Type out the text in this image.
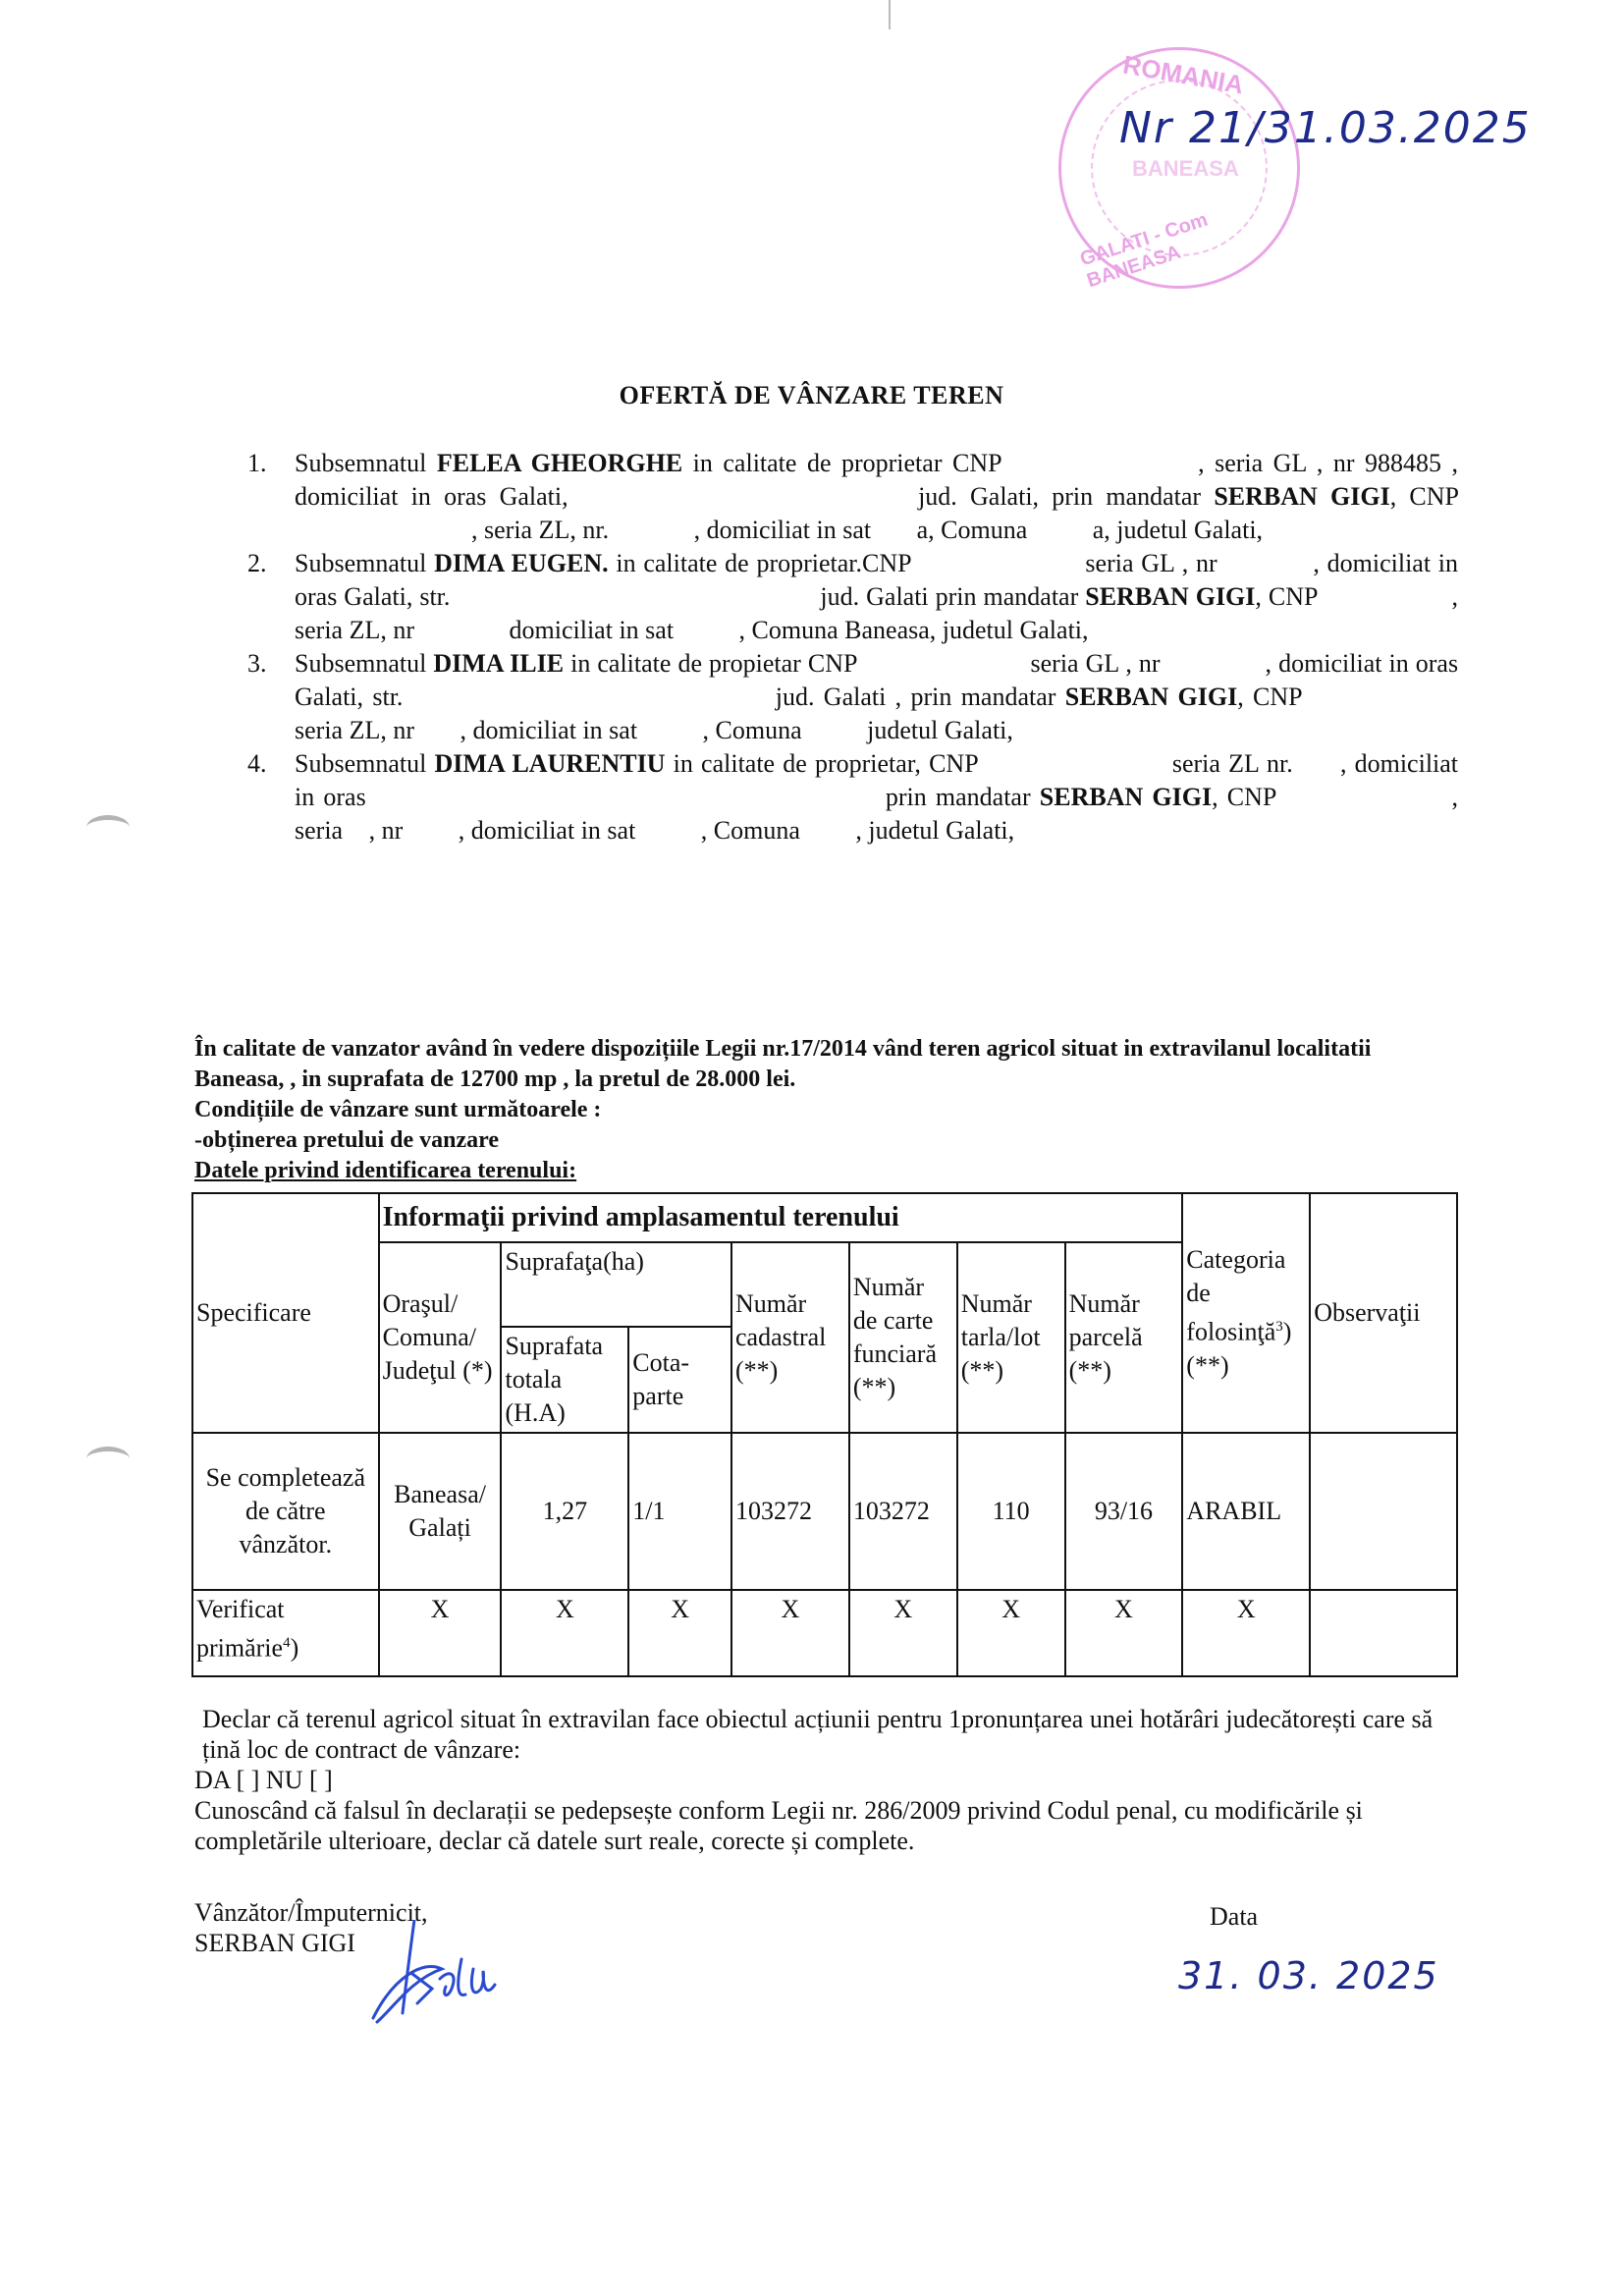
ROMANIA
BANEASA
GALATI - Com BANEASA
Nr 21/31.03.2025
OFERTĂ DE VÂNZARE TEREN
1. Subsemnatul FELEA GHEORGHE in calitate de proprietar CNP	, seria GL , nr 988485 , domiciliat in oras Galati,	jud. Galati, prin mandatar SERBAN GIGI, CNP , seria ZL, nr.	, domiciliat in sat a, Comuna	a, judetul Galati,
2. Subsemnatul DIMA EUGEN. in calitate de proprietar.CNP	seria GL , nr	, domiciliat in oras Galati, str.	jud. Galati prin mandatar SERBAN GIGI, CNP	, seria ZL, nr	domiciliat in sat	, Comuna Baneasa, judetul Galati,
3. Subsemnatul DIMA ILIE in calitate de propietar CNP	seria GL , nr	, domiciliat in oras Galati, str.	jud. Galati , prin mandatar SERBAN GIGI, CNP seria ZL, nr , domiciliat in sat	, Comuna	judetul Galati,
4. Subsemnatul DIMA LAURENTIU in calitate de proprietar, CNP	seria ZL nr. , domiciliat in oras	prin mandatar SERBAN GIGI, CNP	, seria , nr , domiciliat in sat	, Comuna , judetul Galati,
În calitate de vanzator având în vedere dispozițiile Legii nr.17/2014 vând teren agricol situat in extravilanul localitatii Baneasa, , in suprafata de 12700 mp , la pretul de 28.000 lei.
Condițiile de vânzare sunt următoarele :
-obținerea pretului de vanzare
Datele privind identificarea terenului:
Specificare	Informaţii privind amplasamentul terenului							Categoria de folosinţă$^3$) (**)	Observaţii
	Oraşul/ Comuna/ Judeţul (*)	Suprafaţa(ha)		Număr cadastral (**)	Număr de carte funciară (**)	Număr tarla/lot (**)	Număr parcelă (**)		
		Suprafata totala (H.A)	Cota- parte						
Se completează de către vânzător.	Baneasa/ Galați	1,27	1/1	103272	103272	110	93/16	ARABIL	
Verificat primărie$^4$)	X	X	X	X	X	X	X	X	
Declar că terenul agricol situat în extravilan face obiectul acțiunii pentru 1pronunțarea unei hotărâri judecătorești care să țină loc de contract de vânzare:
DA [ ] NU [ ]
Cunoscând că falsul în declarații se pedepsește conform Legii nr. 286/2009 privind Codul penal, cu modificările și completările ulterioare, declar că datele surt reale, corecte și complete.
Vânzător/Împuternicit,
SERBAN GIGI
Data
31. 03. 2025
